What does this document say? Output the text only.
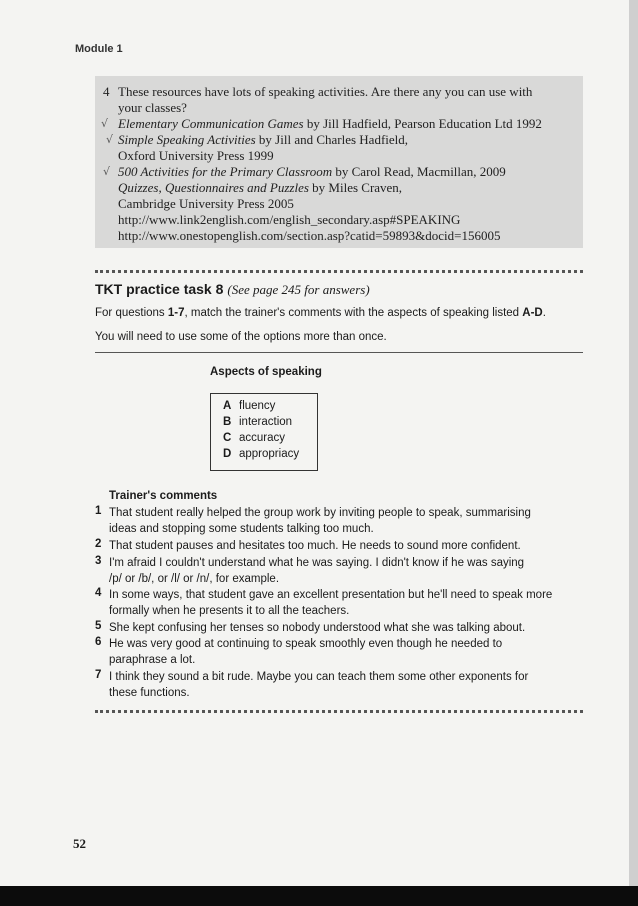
Module 1
4 These resources have lots of speaking activities. Are there any you can use with
your classes?
√ Elementary Communication Games by Jill Hadfield, Pearson Education Ltd 1992
√ Simple Speaking Activities by Jill and Charles Hadfield,
Oxford University Press 1999
√ 500 Activities for the Primary Classroom by Carol Read, Macmillan, 2009
Quizzes, Questionnaires and Puzzles by Miles Craven,
Cambridge University Press 2005
http://www.link2english.com/english_secondary.asp#SPEAKING
http://www.onestopenglish.com/section.asp?catid=59893&docid=156005
TKT practice task 8 (See page 245 for answers)
For questions 1-7, match the trainer's comments with the aspects of speaking listed A-D.
You will need to use some of the options more than once.
Aspects of speaking
A fluency
B interaction
C accuracy
D appropriacy
Trainer's comments
1 That student really helped the group work by inviting people to speak, summarising
ideas and stopping some students talking too much.
2 That student pauses and hesitates too much. He needs to sound more confident.
3 I'm afraid I couldn't understand what he was saying. I didn't know if he was saying
/p/ or /b/, or /l/ or /n/, for example.
4 In some ways, that student gave an excellent presentation but he'll need to speak more
formally when he presents it to all the teachers.
5 She kept confusing her tenses so nobody understood what she was talking about.
6 He was very good at continuing to speak smoothly even though he needed to
paraphrase a lot.
7 I think they sound a bit rude. Maybe you can teach them some other exponents for
these functions.
52
